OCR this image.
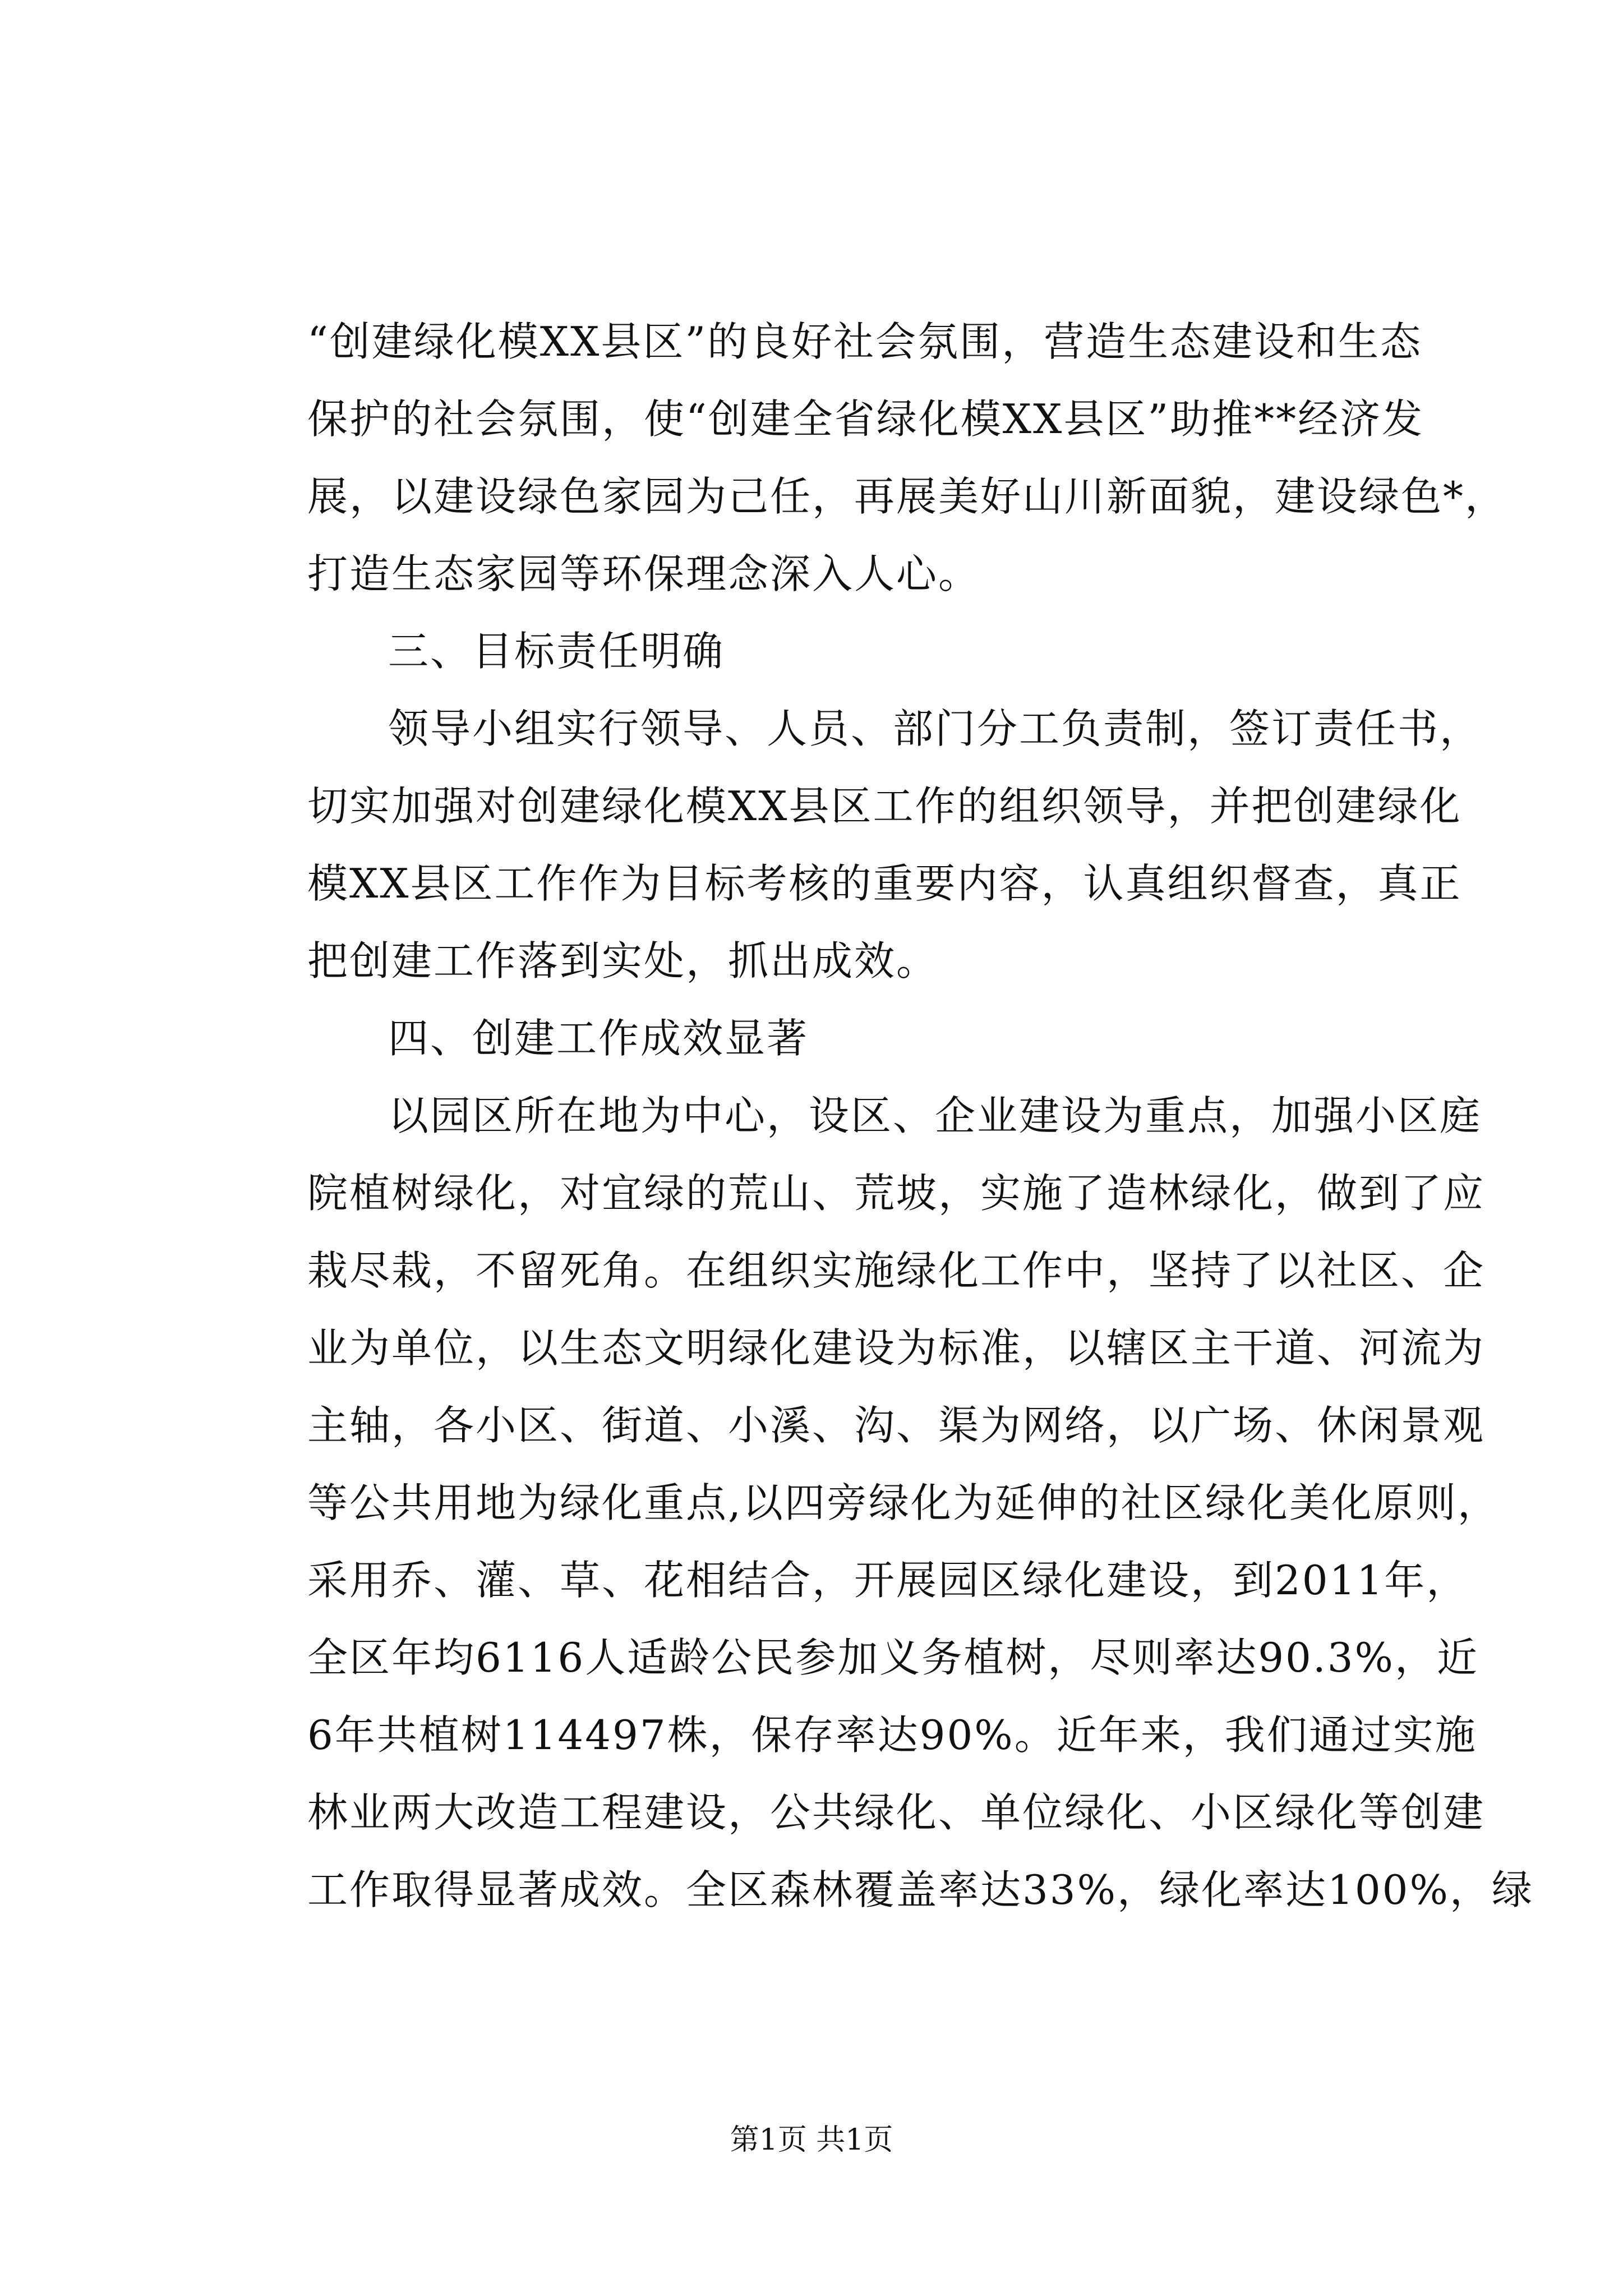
“创建绿化模XX县区”的良好社会氛围，营造生态建设和生态
保护的社会氛围，使“创建全省绿化模XX县区”助推**经济发
展，以建设绿色家园为己任，再展美好山川新面貌，建设绿色*，
打造生态家园等环保理念深入人心。
三、目标责任明确
领导小组实行领导、人员、部门分工负责制，签订责任书，
切实加强对创建绿化模XX县区工作的组织领导，并把创建绿化
模XX县区工作作为目标考核的重要内容，认真组织督查，真正
把创建工作落到实处，抓出成效。
四、创建工作成效显著
以园区所在地为中心，设区、企业建设为重点，加强小区庭
院植树绿化，对宜绿的荒山、荒坡，实施了造林绿化，做到了应
栽尽栽，不留死角。在组织实施绿化工作中，坚持了以社区、企
业为单位，以生态文明绿化建设为标准，以辖区主干道、河流为
主轴，各小区、街道、小溪、沟、渠为网络，以广场、休闲景观
等公共用地为绿化重点,以四旁绿化为延伸的社区绿化美化原则，
采用乔、灌、草、花相结合，开展园区绿化建设，到2011年，
全区年均6116人适龄公民参加义务植树，尽则率达90.3%，近
6年共植树114497株，保存率达90%。近年来，我们通过实施
林业两大改造工程建设，公共绿化、单位绿化、小区绿化等创建
工作取得显著成效。全区森林覆盖率达33%，绿化率达100%，绿
第1页 共1页
